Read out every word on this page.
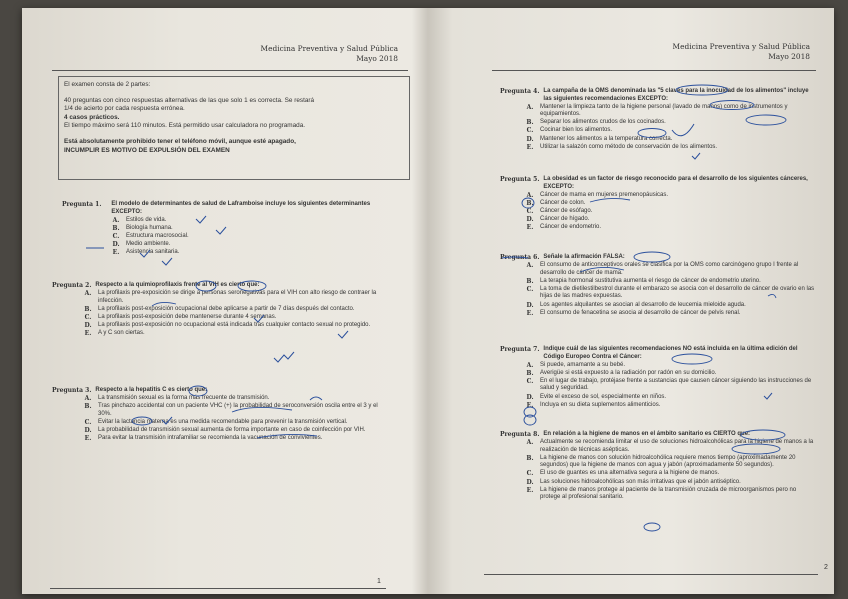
Medicina Preventiva y Salud Pública
Mayo 2018

El examen consta de 2 partes:

40 preguntas con cinco respuestas alternativas de las que solo 1 es correcta. Se restará

1/4 de acierto por cada respuesta errónea.

4 casos prácticos.

El tiempo máximo será 110 minutos. Está permitido usar calculadora no programada.

Está absolutamente prohibido tener el teléfono móvil, aunque esté apagado,

INCUMPLIR ES MOTIVO DE EXPULSIÓN DEL EXAMEN

Pregunta 1.	El modelo de determinantes de salud de Laframboise incluye los siguientes determinantes EXCEPTO:
A.	Estilos de vida.
B.	Biología humana.
C.	Estructura macrosocial.
D.	Medio ambiente.
E.	Asistencia sanitaria.
Pregunta 2. Respecto a la quimioprofilaxis frente al VIH es cierto que:
A.	La profilaxis pre-exposición se dirige a personas seronegativas para el VIH con alto riesgo de contraer la infección.
B.	La profilaxis post-exposición ocupacional debe aplicarse a partir de 7 días después del contacto.
C.	La profilaxis post-exposición debe mantenerse durante 4 semanas.
D.	La profilaxis post-exposición no ocupacional está indicada tras cualquier contacto sexual no protegido.
E.	A y C son ciertas.
Pregunta 3. Respecto a la hepatitis C es cierto que:
A.	La transmisión sexual es la forma más frecuente de transmisión.
B.	Tras pinchazo accidental con un paciente VHC (+) la probabilidad de seroconversión oscila entre el 3 y el 30%.
C.	Evitar la lactancia materna es una medida recomendable para prevenir la transmisión vertical.
D.	La probabilidad de transmisión sexual aumenta de forma importante en caso de coinfección por VIH.
E.	Para evitar la transmisión intrafamiliar se recomienda la vacunación de convivientes.
1
Medicina Preventiva y Salud Pública
Mayo 2018
Pregunta 4. La campaña de la OMS denominada las "5 claves para la inocuidad de los alimentos" incluye las siguientes recomendaciones EXCEPTO:
A.	Mantener la limpieza tanto de la higiene personal (lavado de manos) como de instrumentos y equipamientos.
B.	Separar los alimentos crudos de los cocinados.
C.	Cocinar bien los alimentos.
D.	Mantener los alimentos a la temperatura correcta.
E.	Utilizar la salazón como método de conservación de los alimentos.
Pregunta 5. La obesidad es un factor de riesgo reconocido para el desarrollo de los siguientes cánceres, EXCEPTO:
A.	Cáncer de mama en mujeres premenopáusicas.
B.	Cáncer de colon.
C.	Cáncer de esófago.
D.	Cáncer de hígado.
E.	Cáncer de endometrio.
Pregunta 6. Señale la afirmación FALSA:
A.	El consumo de anticonceptivos orales se clasifica por la OMS como carcinógeno grupo I frente al desarrollo de cáncer de mama.
B.	La terapia hormonal sustitutiva aumenta el riesgo de cáncer de endometrio uterino.
C.	La toma de dietilestilbestrol durante el embarazo se asocia con el desarrollo de cáncer de ovario en las hijas de las madres expuestas.
D.	Los agentes alquilantes se asocian al desarrollo de leucemia mieloide aguda.
E.	El consumo de fenacetina se asocia al desarrollo de cáncer de pelvis renal.
Pregunta 7. Indique cuál de las siguientes recomendaciones NO está incluida en la última edición del Código Europeo Contra el Cáncer:
A.	Si puede, amamante a su bebé.
B.	Averigüe si está expuesto a la radiación por radón en su domicilio.
C.	En el lugar de trabajo, protéjase frente a sustancias que causen cáncer siguiendo las instrucciones de salud y seguridad.
D.	Evite el exceso de sol, especialmente en niños.
E.	Incluya en su dieta suplementos alimenticios.
Pregunta 8. En relación a la higiene de manos en el ámbito sanitario es CIERTO que:
A.	Actualmente se recomienda limitar el uso de soluciones hidroalcohólicas para la higiene de manos a la realización de técnicas asépticas.
B.	La higiene de manos con solución hidroalcohólica requiere menos tiempo (aproximadamente 20 segundos) que la higiene de manos con agua y jabón (aproximadamente 50 segundos).
C.	El uso de guantes es una alternativa segura a la higiene de manos.
D.	Las soluciones hidroalcohólicas son más irritativas que el jabón antiséptico.
E.	La higiene de manos protege al paciente de la transmisión cruzada de microorganismos pero no protege al profesional sanitario.
2
